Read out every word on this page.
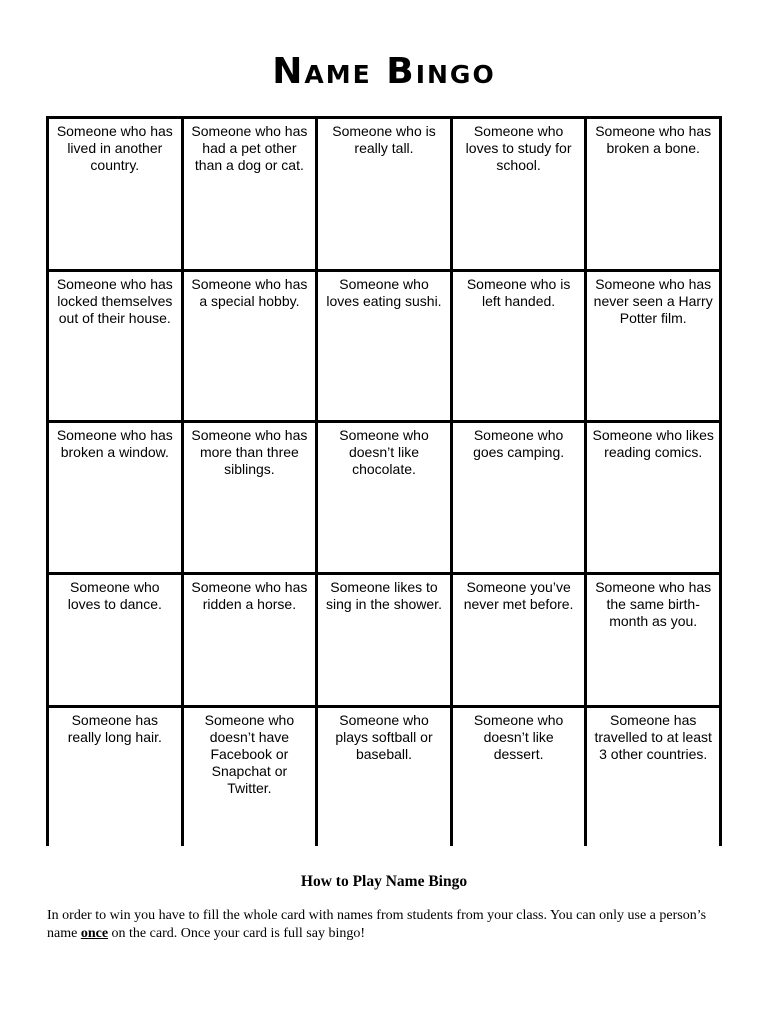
Name Bingo
Someone who has lived in another country.
Someone who has had a pet other than a dog or cat.
Someone who is really tall.
Someone who loves to study for school.
Someone who has broken a bone.
Someone who has locked themselves out of their house.
Someone who has a special hobby.
Someone who loves eating sushi.
Someone who is left handed.
Someone who has never seen a Harry Potter film.
Someone who has broken a window.
Someone who has more than three siblings.
Someone who doesn’t like chocolate.
Someone who goes camping.
Someone who likes reading comics.
Someone who loves to dance.
Someone who has ridden a horse.
Someone likes to sing in the shower.
Someone you’ve never met before.
Someone who has the same birth-month as you.
Someone has really long hair.
Someone who doesn’t have Facebook or Snapchat or Twitter.
Someone who plays softball or baseball.
Someone who doesn’t like dessert.
Someone has travelled to at least 3 other countries.
How to Play Name Bingo
In order to win you have to fill the whole card with names from students from your class. You can only use a person’s name once on the card. Once your card is full say bingo!
